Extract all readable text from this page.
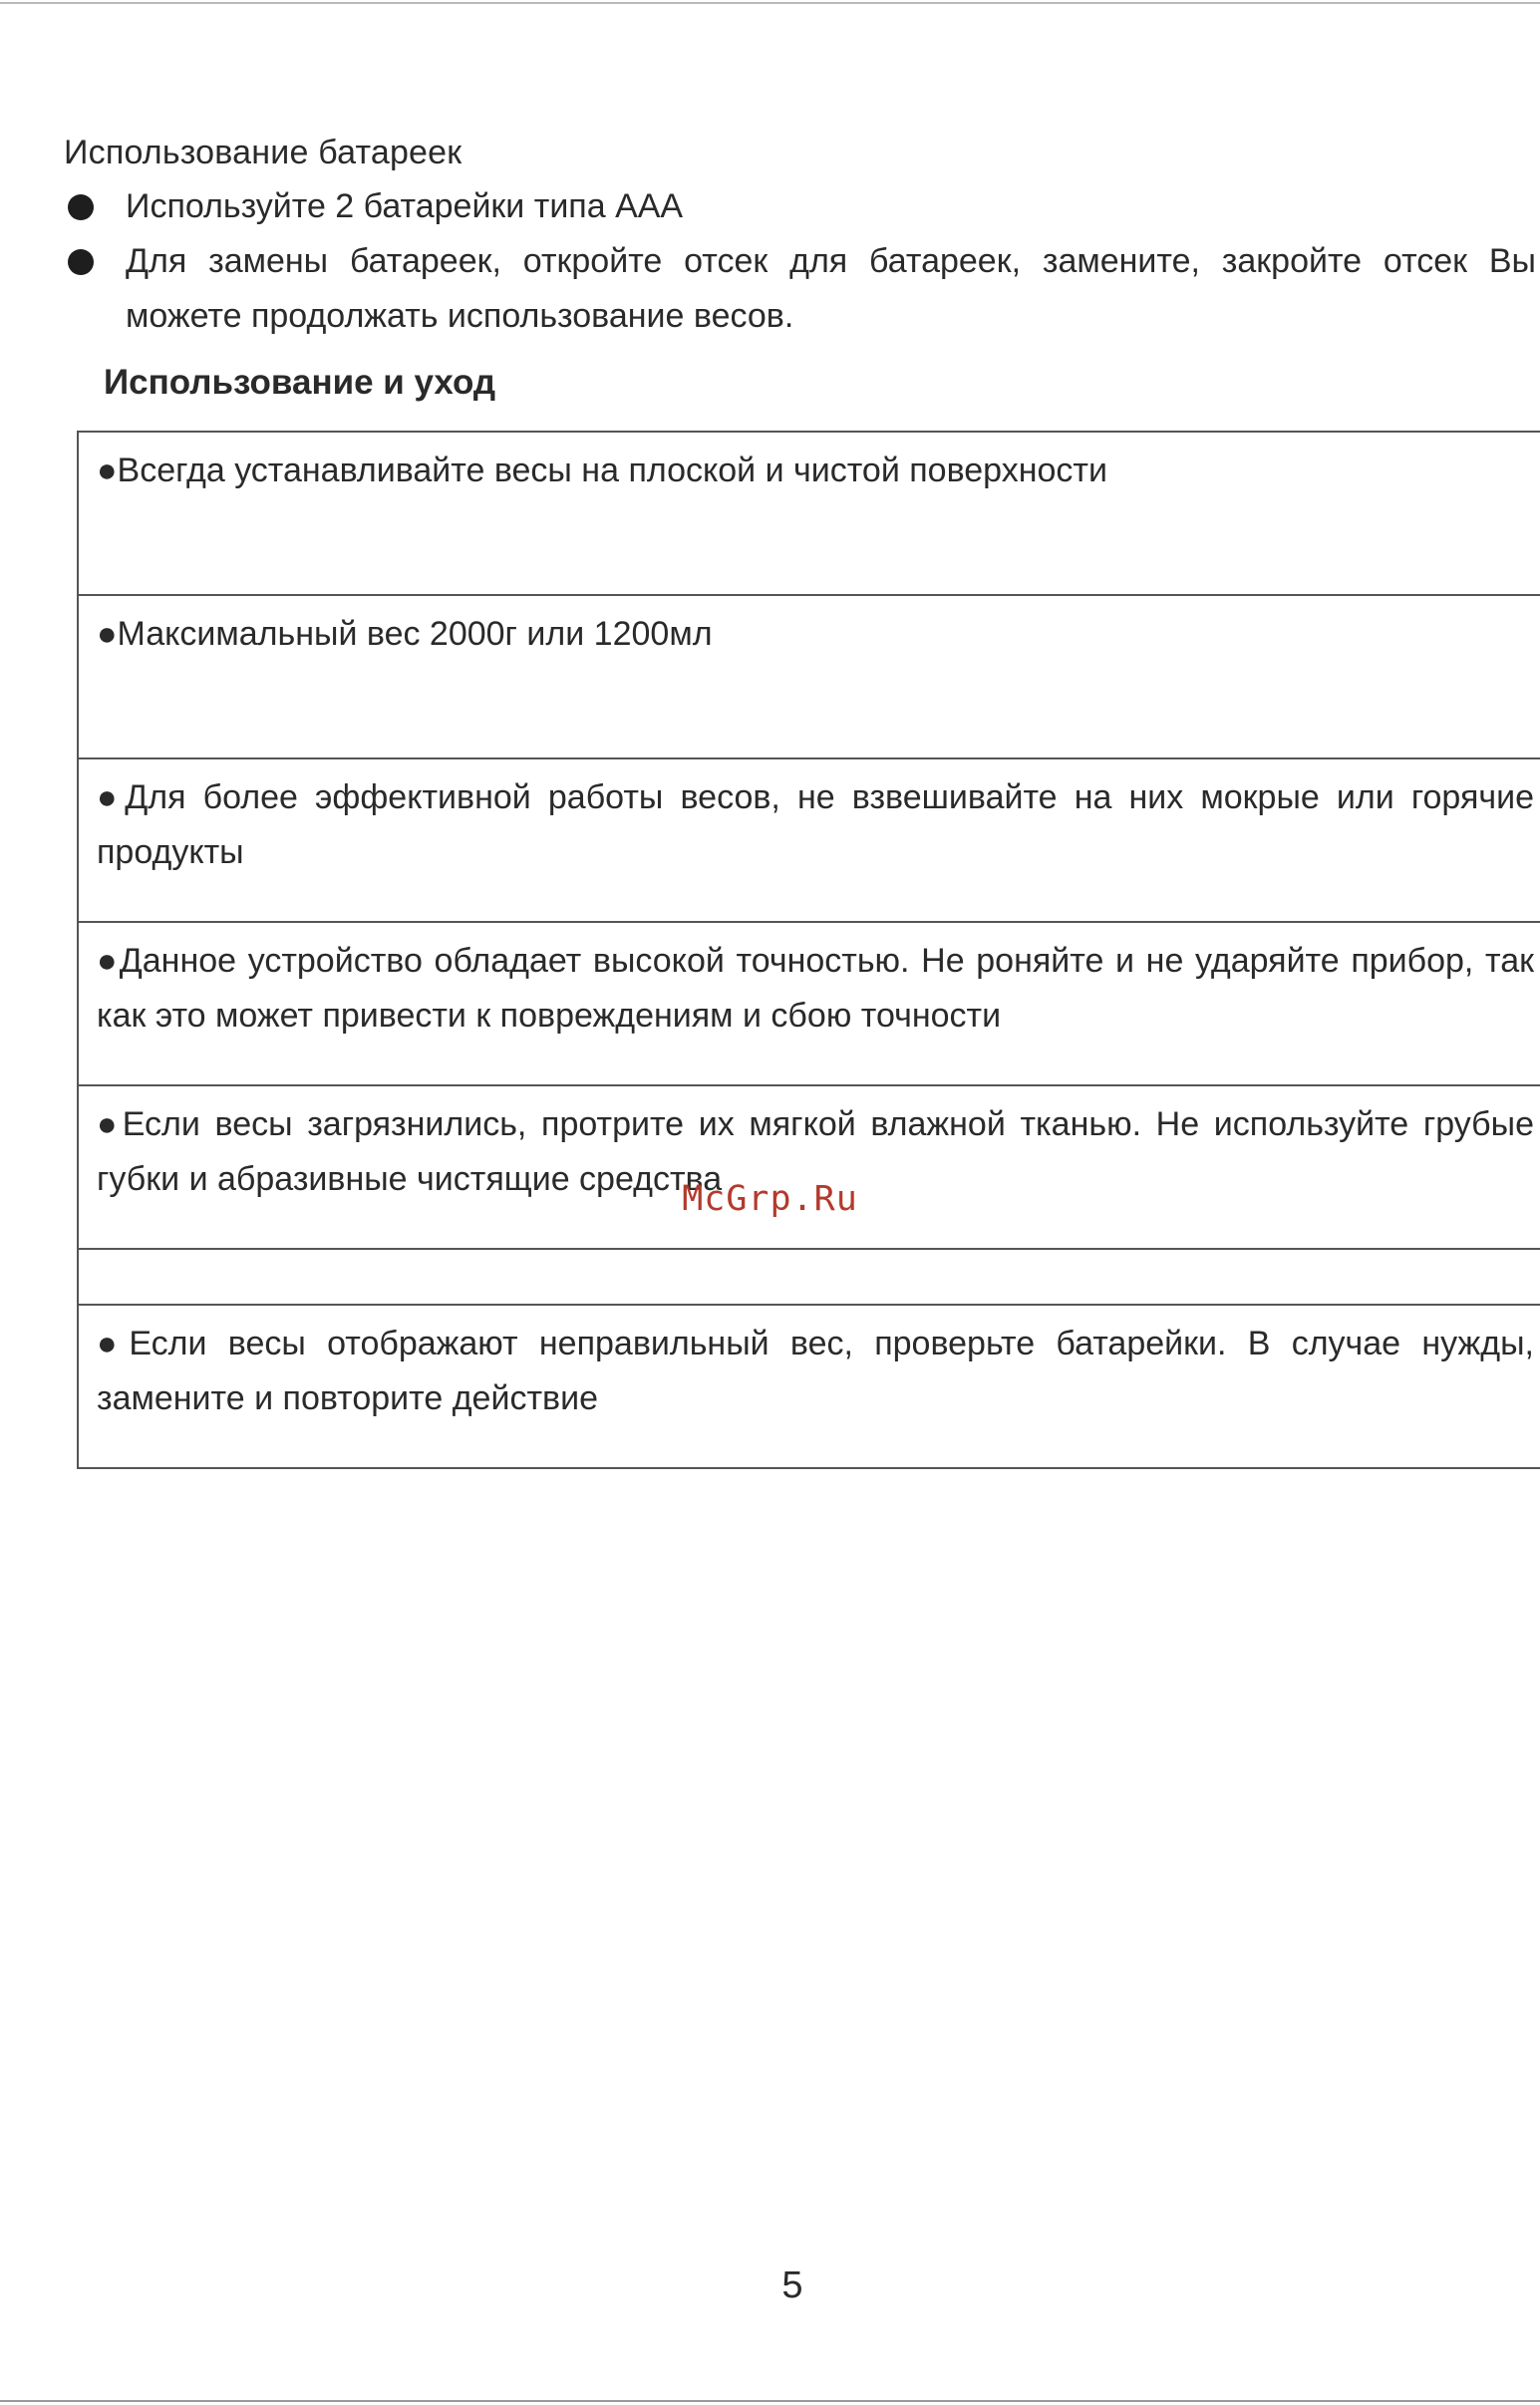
Использование батареек
Используйте 2 батарейки типа ААА
Для замены батареек, откройте отсек для батареек, замените, закройте отсек Вы можете продолжать использование весов.
Использование и уход
●Всегда устанавливайте весы на плоской и чистой поверхности
●Максимальный вес 2000г или 1200мл
●Для более эффективной работы весов, не взвешивайте на них мокрые или горячие продукты
●Данное устройство обладает высокой точностью. Не роняйте и не ударяйте прибор, так как это может привести к повреждениям и сбою точности
●Если весы загрязнились, протрите их мягкой влажной тканью. Не используйте грубые губки и абразивные чистящие средства
●Если весы отображают неправильный вес, проверьте батарейки. В случае нужды, замените и повторите действие
McGrp.Ru
5
